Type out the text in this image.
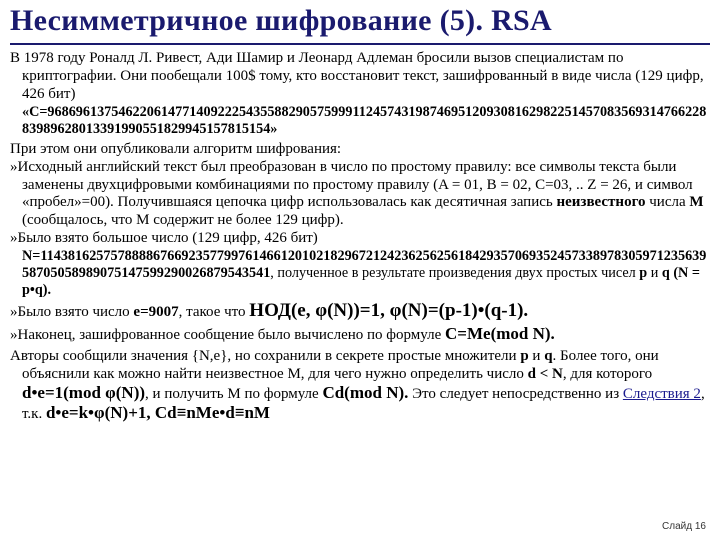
Несимметричное шифрование (5). RSA

В 1978 году Роналд Л. Ривест, Ади Шамир и Леонард Адлеман бросили вызов специалистам по криптографии. Они пообещали 100$ тому, кто восстановит текст, зашифрованный в виде числа (129 цифр, 426 бит)

«C=96869613754622061477140922254355882905759991124574319874695120930816298225145708356931476622883989628013391990551829945157815154»

При этом они опубликовали алгоритм шифрования:

»Исходный английский текст был преобразован в число по простому правилу: все символы текста были заменены двухцифровыми комбинациями по простому правилу (A = 01, B = 02, C=03, .. Z = 26, и символ «пробел»=00). Получившаяся цепочка цифр использовалась как десятичная запись неизвестного числа M (сообщалось, что M содержит не более 129 цифр).

»Было взято большое число (129 цифр, 426 бит)

N=114381625757888867669235779976146612010218296721242362562561842935706935245733897830597123563958705058989075147599290026879543541, полученное в результате произведения двух простых чисел p и q (N = p•q).

»Было взято число e=9007, такое что НОД(e, φ(N))=1, φ(N)=(p-1)•(q-1).

»Наконец, зашифрованное сообщение было вычислено по формуле C=Me(mod N).

Авторы сообщили значения {N,e}, но сохранили в секрете простые множители p и q. Более того, они объяснили как можно найти неизвестное M, для чего нужно определить число d < N, для которого d•e=1(mod φ(N)), и получить M по формуле Cd(mod N). Это следует непосредственно из Следствия 2, т.к. d•e=k•φ(N)+1, Cd≡nMe•d≡nM

Слайд 16
